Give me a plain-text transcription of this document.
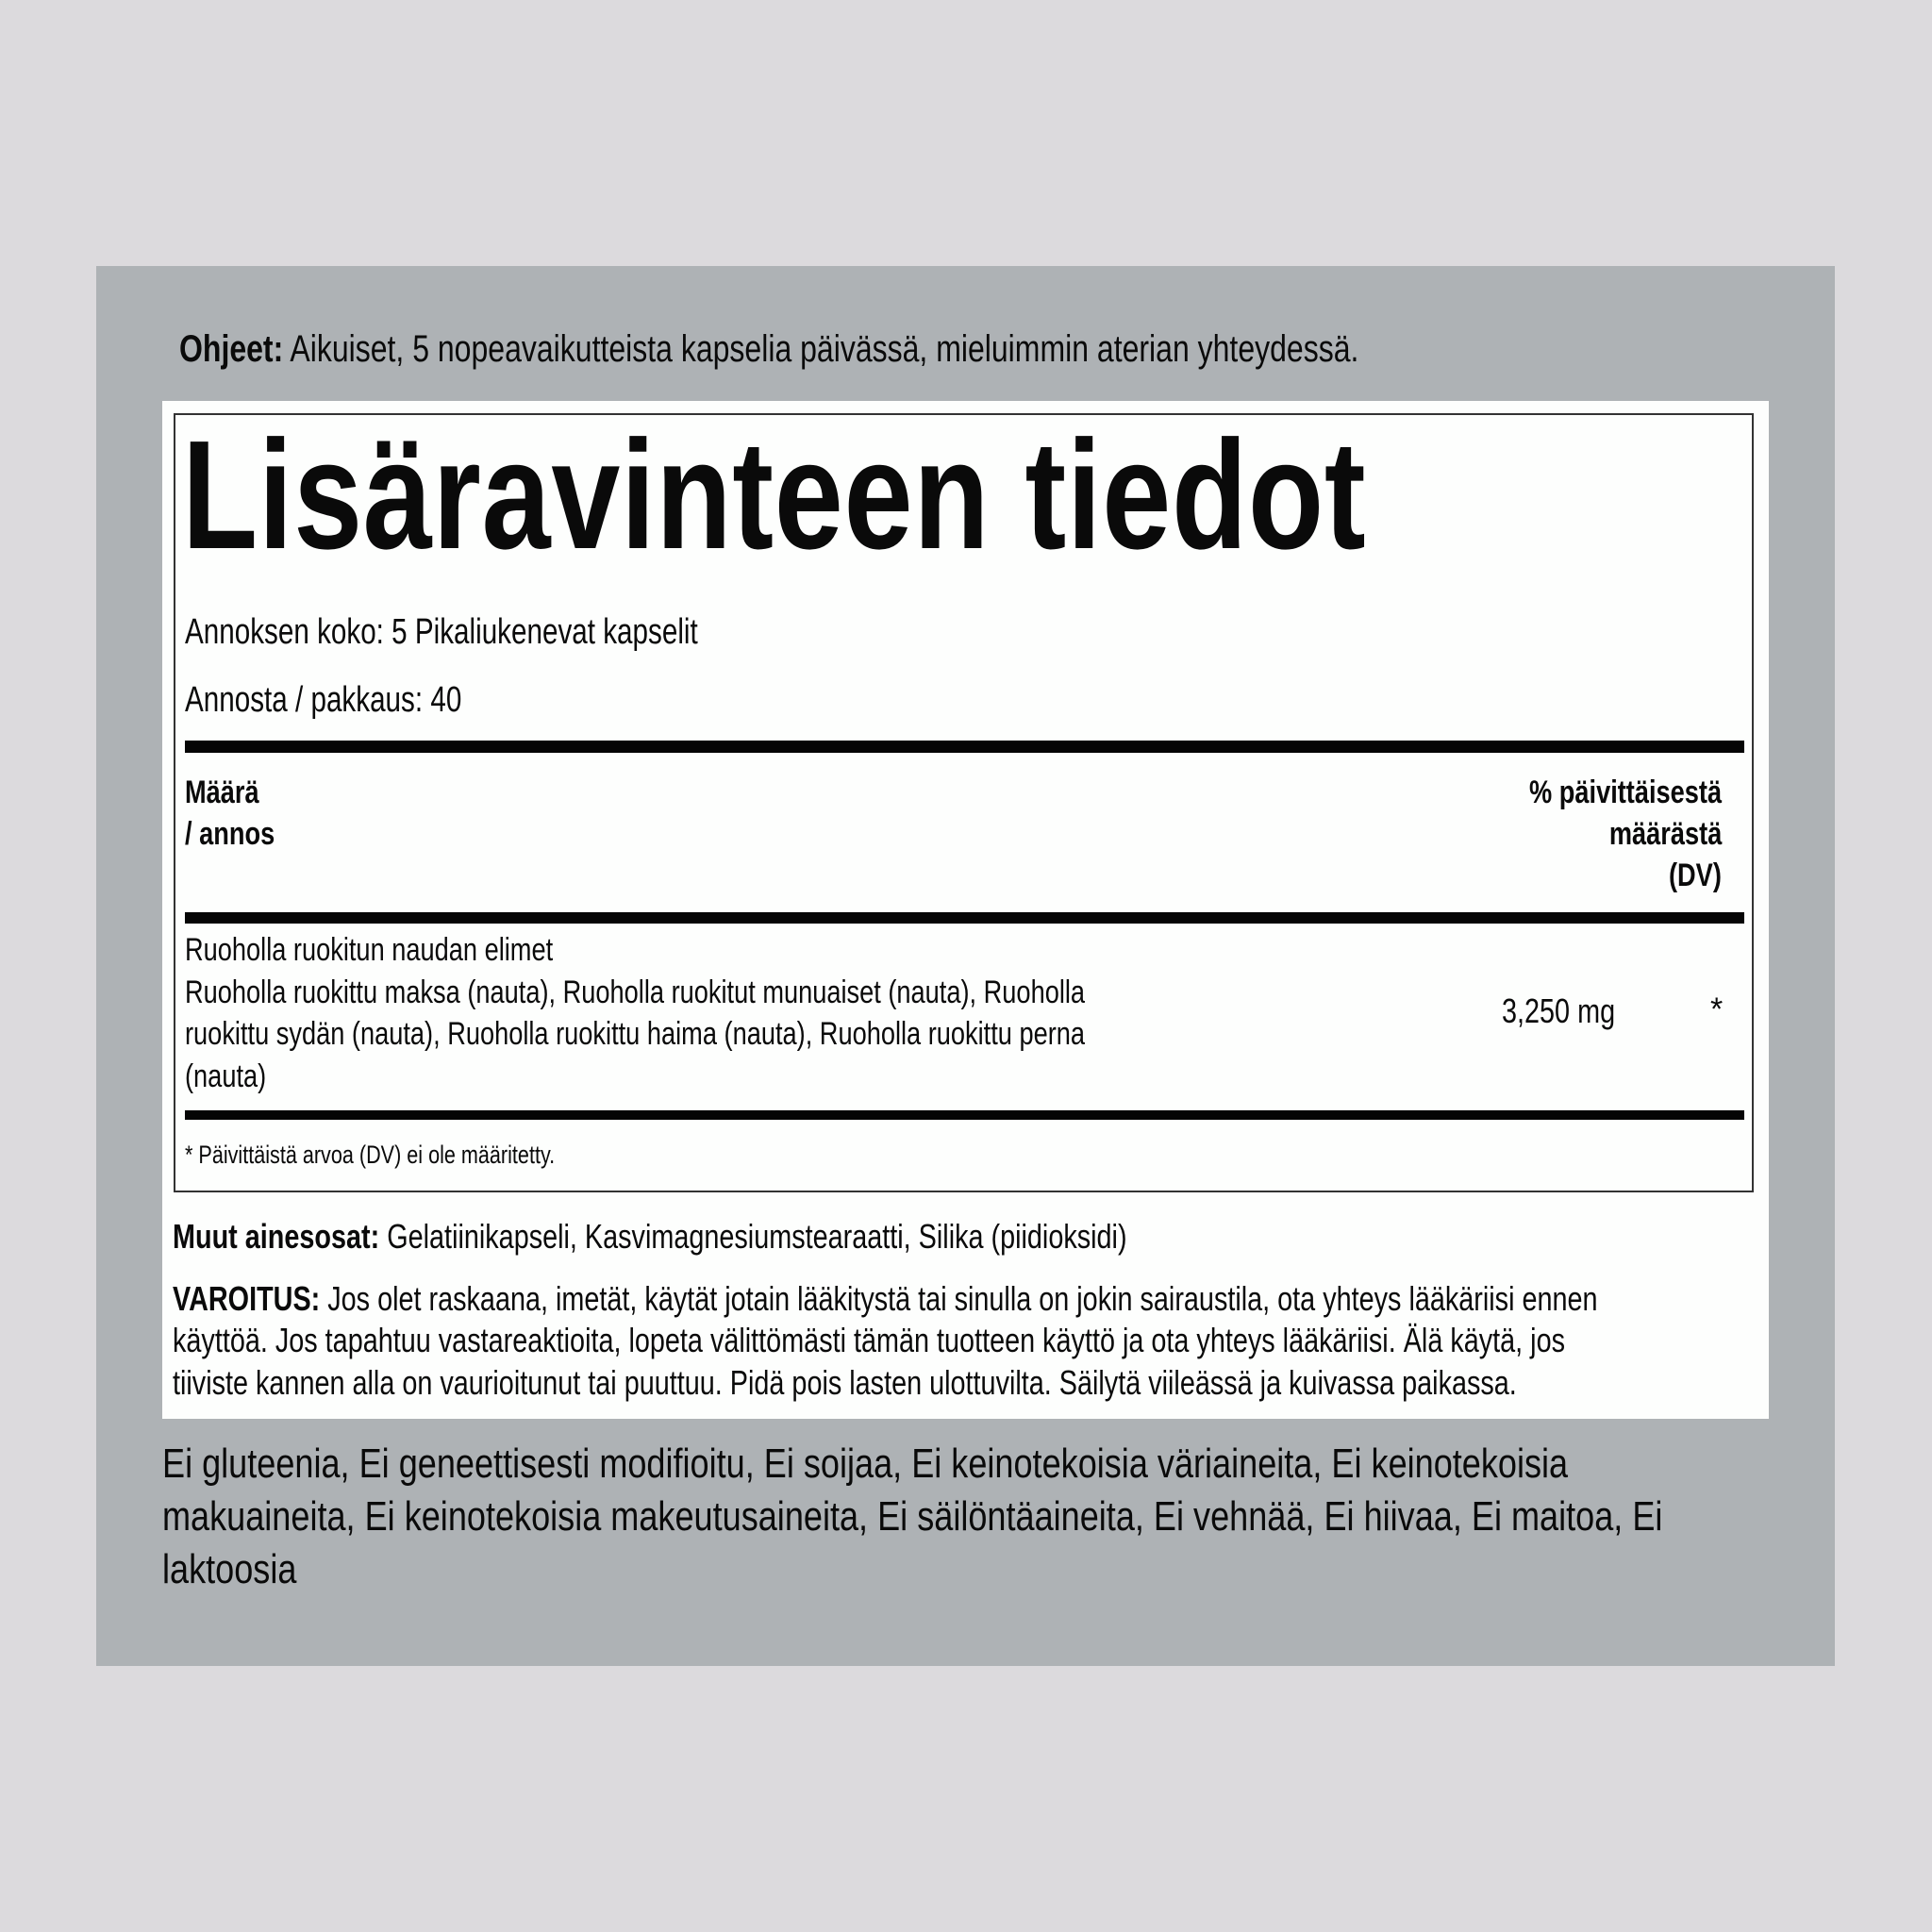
Ohjeet: Aikuiset, 5 nopeavaikutteista kapselia päivässä, mieluimmin aterian yhteydessä.
Lisäravinteen tiedot
Annoksen koko: 5 Pikaliukenevat kapselit
Annosta / pakkaus: 40
Määrä
/ annos
% päivittäisestä
määrästä
(DV)
Ruoholla ruokitun naudan elimet
Ruoholla ruokittu maksa (nauta), Ruoholla ruokitut munuaiset (nauta), Ruoholla
ruokittu sydän (nauta), Ruoholla ruokittu haima (nauta), Ruoholla ruokittu perna
(nauta)
3,250 mg	*
* Päivittäistä arvoa (DV) ei ole määritetty.
Muut ainesosat: Gelatiinikapseli, Kasvimagnesiumstearaatti, Silika (piidioksidi)
VAROITUS: Jos olet raskaana, imetät, käytät jotain lääkitystä tai sinulla on jokin sairaustila, ota yhteys lääkäriisi ennen
käyttöä. Jos tapahtuu vastareaktioita, lopeta välittömästi tämän tuotteen käyttö ja ota yhteys lääkäriisi. Älä käytä, jos
tiiviste kannen alla on vaurioitunut tai puuttuu. Pidä pois lasten ulottuvilta. Säilytä viileässä ja kuivassa paikassa.
Ei gluteenia, Ei geneettisesti modifioitu, Ei soijaa, Ei keinotekoisia väriaineita, Ei keinotekoisia
makuaineita, Ei keinotekoisia makeutusaineita, Ei säilöntäaineita, Ei vehnää, Ei hiivaa, Ei maitoa, Ei
laktoosia
